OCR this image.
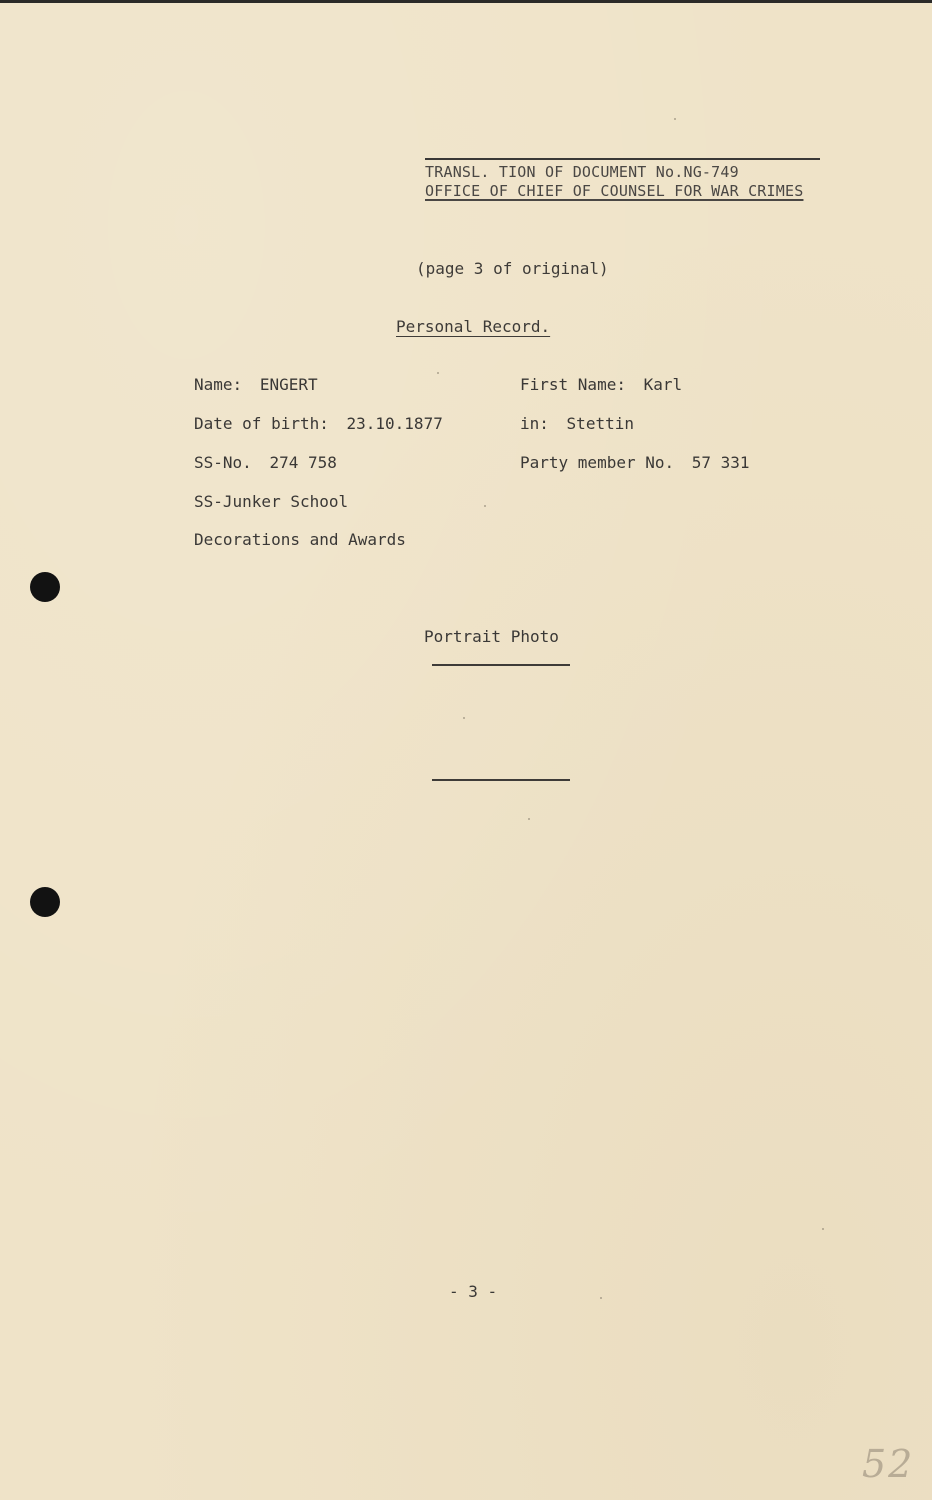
TRANSL. TION OF DOCUMENT No.NG-749
OFFICE OF CHIEF OF COUNSEL FOR WAR CRIMES
(page 3 of original)
Personal Record.
Name: ENGERT	First Name: Karl
Date of birth: 23.10.1877	in: Stettin
SS-No. 274 758	Party member No. 57 331
SS-Junker School
Decorations and Awards
Portrait Photo
- 3 -
52
